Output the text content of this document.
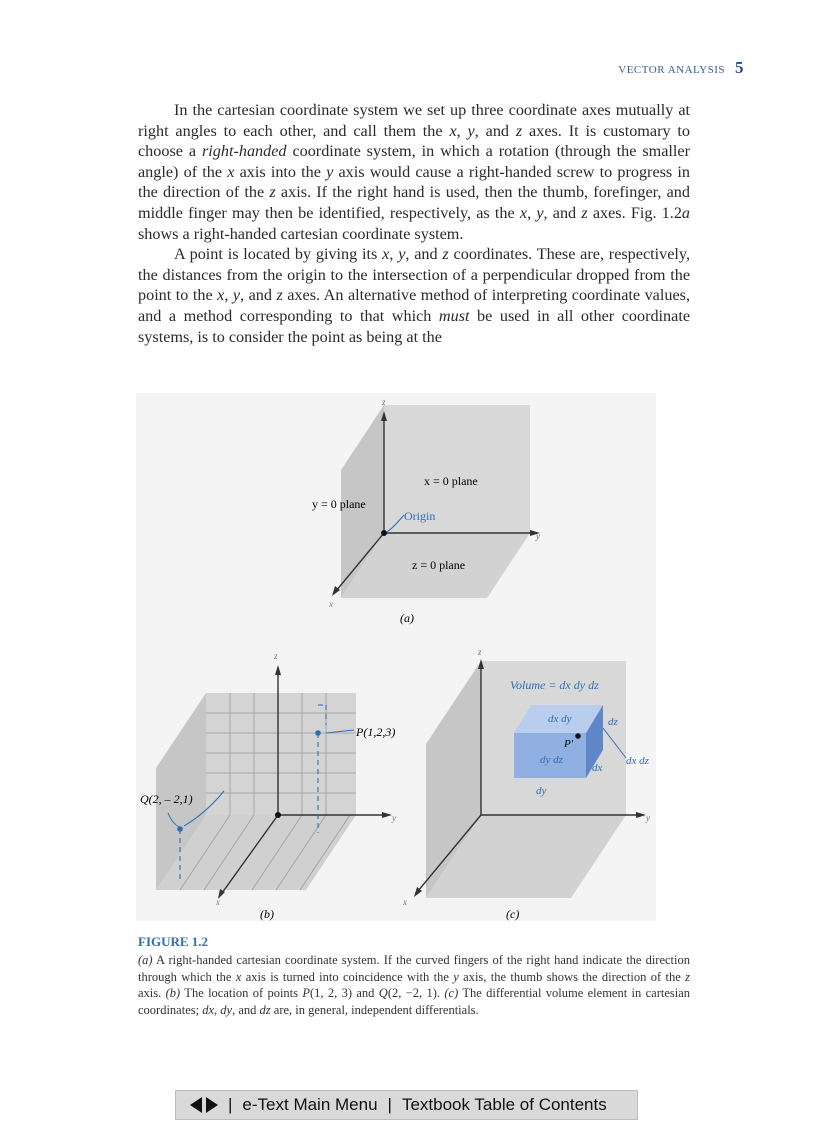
VECTOR ANALYSIS 5

In the cartesian coordinate system we set up three coordinate axes mutually at right angles to each other, and call them the x, y, and z axes. It is customary to choose a right-handed coordinate system, in which a rotation (through the smaller angle) of the x axis into the y axis would cause a right-handed screw to progress in the direction of the z axis. If the right hand is used, then the thumb, forefinger, and middle finger may then be identified, respectively, as the x, y, and z axes. Fig. 1.2a shows a right-handed cartesian coordinate system.

A point is located by giving its x, y, and z coordinates. These are, respectively, the distances from the origin to the intersection of a perpendicular dropped from the point to the x, y, and z axes. An alternative method of interpreting coordinate values, and a method corresponding to that which must be used in all other coordinate systems, is to consider the point as being at the

z
y
x
x = 0 plane
y = 0 plane
z = 0 plane
Origin
(a)
z
y
x
P(1,2,3)
Q(2, – 2,1)
(b)
z
y
x
Volume = dx dy dz
dx dy
dy dz
dz
dx
dy
dx dz
P′
(c)
FIGURE 1.2
(a) A right-handed cartesian coordinate system. If the curved fingers of the right hand indicate the direction through which the x axis is turned into coincidence with the y axis, the thumb shows the direction of the z axis. (b) The location of points P(1, 2, 3) and Q(2, −2, 1). (c) The differential volume element in cartesian coordinates; dx, dy, and dz are, in general, independent differentials.
| e-Text Main Menu | Textbook Table of Contents
